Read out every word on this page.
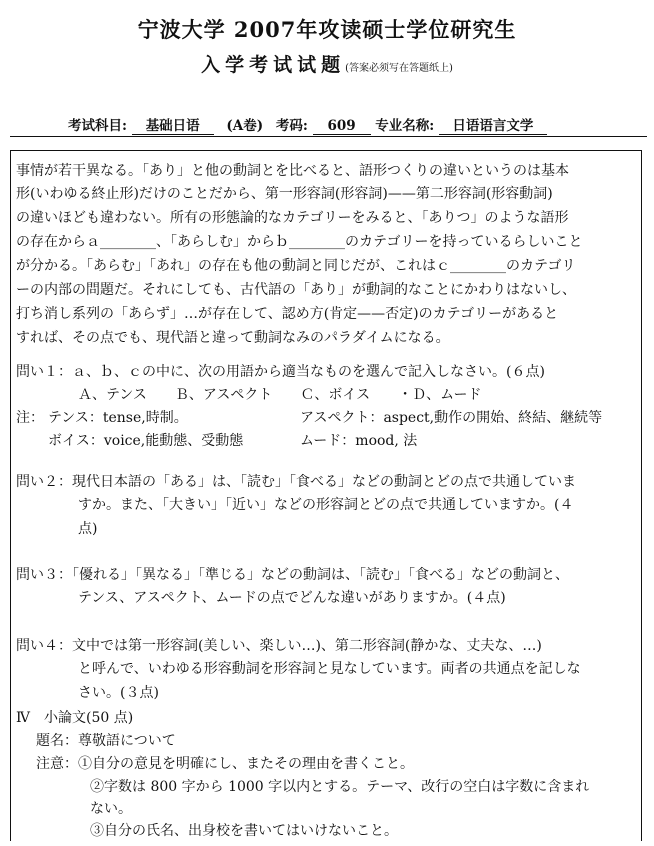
宁波大学 2007年攻读硕士学位研究生
入学考试试题(答案必须写在答题纸上)
考试科目: 基础日语 (A卷) 考码: 609 专业名称: 日语语言文学
事情が若干異なる。「あり」と他の動詞とを比べると、語形つくりの違いというのは基本
形(いわゆる終止形)だけのことだから、第一形容詞(形容詞)——第二形容詞(形容動詞)
の違いほども違わない。所有の形態論的なカテゴリーをみると、「ありつ」のような語形
の存在からａ________、「あらしむ」からｂ________のカテゴリーを持っているらしいこと
が分かる。「あらむ」「あれ」の存在も他の動詞と同じだが、これはｃ________のカテゴリ
ーの内部の問題だ。それにしても、古代語の「あり」が動詞的なことにかわりはないし、
打ち消し系列の「あらず」…が存在して、認め方(肯定——否定)のカテゴリーがあると
すれば、その点でも、現代語と違って動詞なみのパラダイムになる。
問い１：ａ、ｂ、ｃの中に、次の用語から適当なものを選んで記入しなさい。(６点)
Ａ、テンス　　Ｂ、アスペクト　　Ｃ、ボイス　　・Ｄ、ムード
注： テンス：tense,時制。	アスペクト：aspect,動作の開始、終結、継続等
ボイス：voice,能動態、受動態	ムード：mood, 法
問い２：現代日本語の「ある」は、「読む」「食べる」などの動詞とどの点で共通していま
すか。また、「大きい」「近い」などの形容詞とどの点で共通していますか。(４
点)
問い３：「優れる」「異なる」「準じる」などの動詞は、「読む」「食べる」などの動詞と、
テンス、アスペクト、ムードの点でどんな違いがありますか。(４点)
問い４：文中では第一形容詞(美しい、楽しい…)、第二形容詞(静かな、丈夫な、…)
と呼んで、いわゆる形容動詞を形容詞と見なしています。両者の共通点を記しな
さい。(３点)
Ⅳ　小論文(50 点)
題名：尊敬語について
注意： ①自分の意見を明確にし、またその理由を書くこと。
②字数は 800 字から 1000 字以内とする。テーマ、改行の空白は字数に含まれ
ない。
③自分の氏名、出身校を書いてはいけないこと。
